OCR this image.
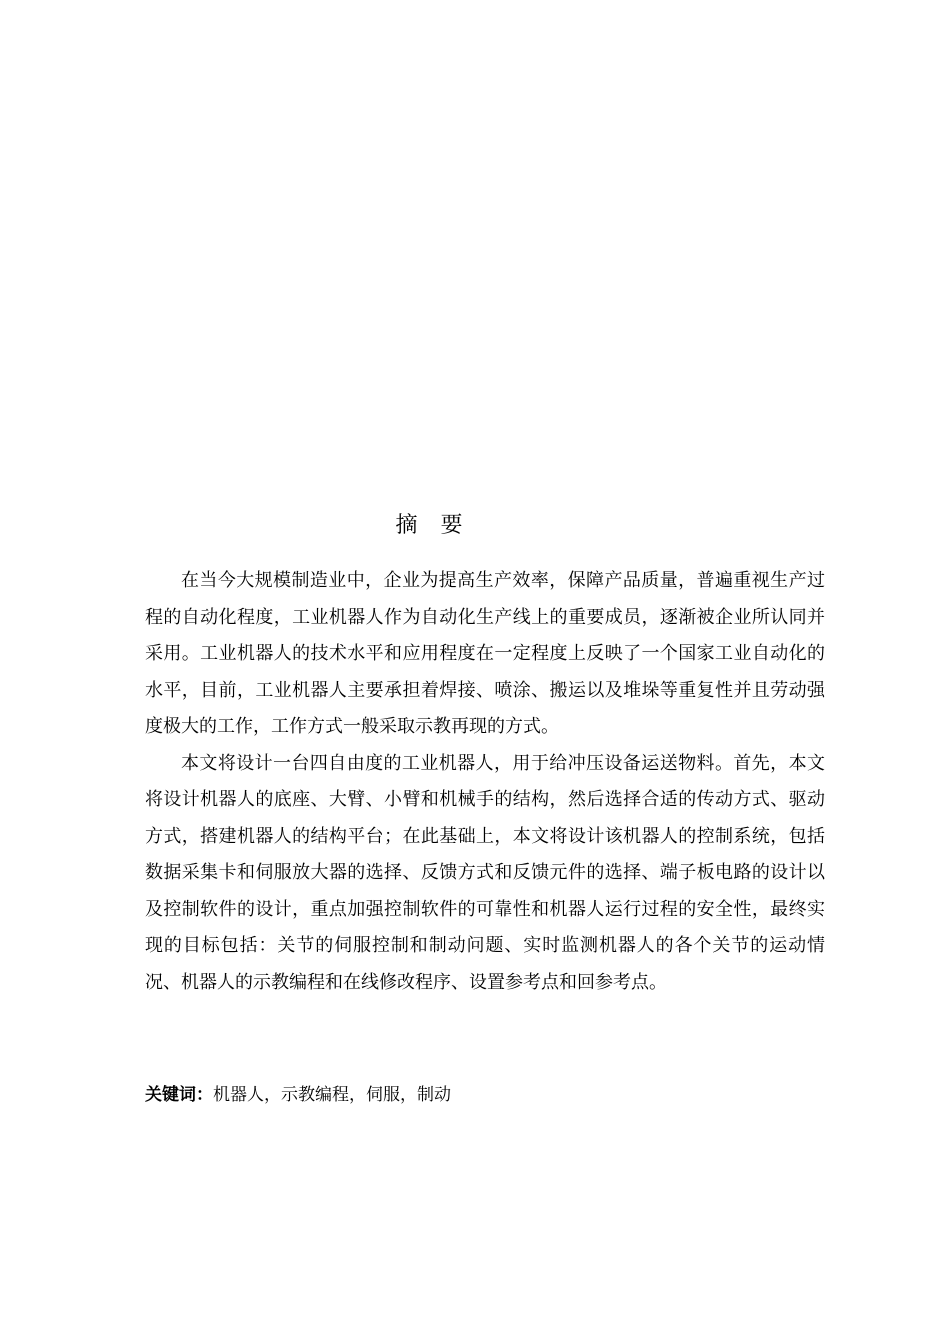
摘 要

在当今大规模制造业中，企业为提高生产效率，保障产品质量，普遍重视生产过程的自动化程度，工业机器人作为自动化生产线上的重要成员，逐渐被企业所认同并采用。工业机器人的技术水平和应用程度在一定程度上反映了一个国家工业自动化的水平，目前，工业机器人主要承担着焊接、喷涂、搬运以及堆垛等重复性并且劳动强度极大的工作，工作方式一般采取示教再现的方式。

本文将设计一台四自由度的工业机器人，用于给冲压设备运送物料。首先，本文将设计机器人的底座、大臂、小臂和机械手的结构，然后选择合适的传动方式、驱动方式，搭建机器人的结构平台；在此基础上，本文将设计该机器人的控制系统，包括数据采集卡和伺服放大器的选择、反馈方式和反馈元件的选择、端子板电路的设计以及控制软件的设计，重点加强控制软件的可靠性和机器人运行过程的安全性，最终实现的目标包括：关节的伺服控制和制动问题、实时监测机器人的各个关节的运动情况、机器人的示教编程和在线修改程序、设置参考点和回参考点。

关键词：机器人，示教编程，伺服，制动
